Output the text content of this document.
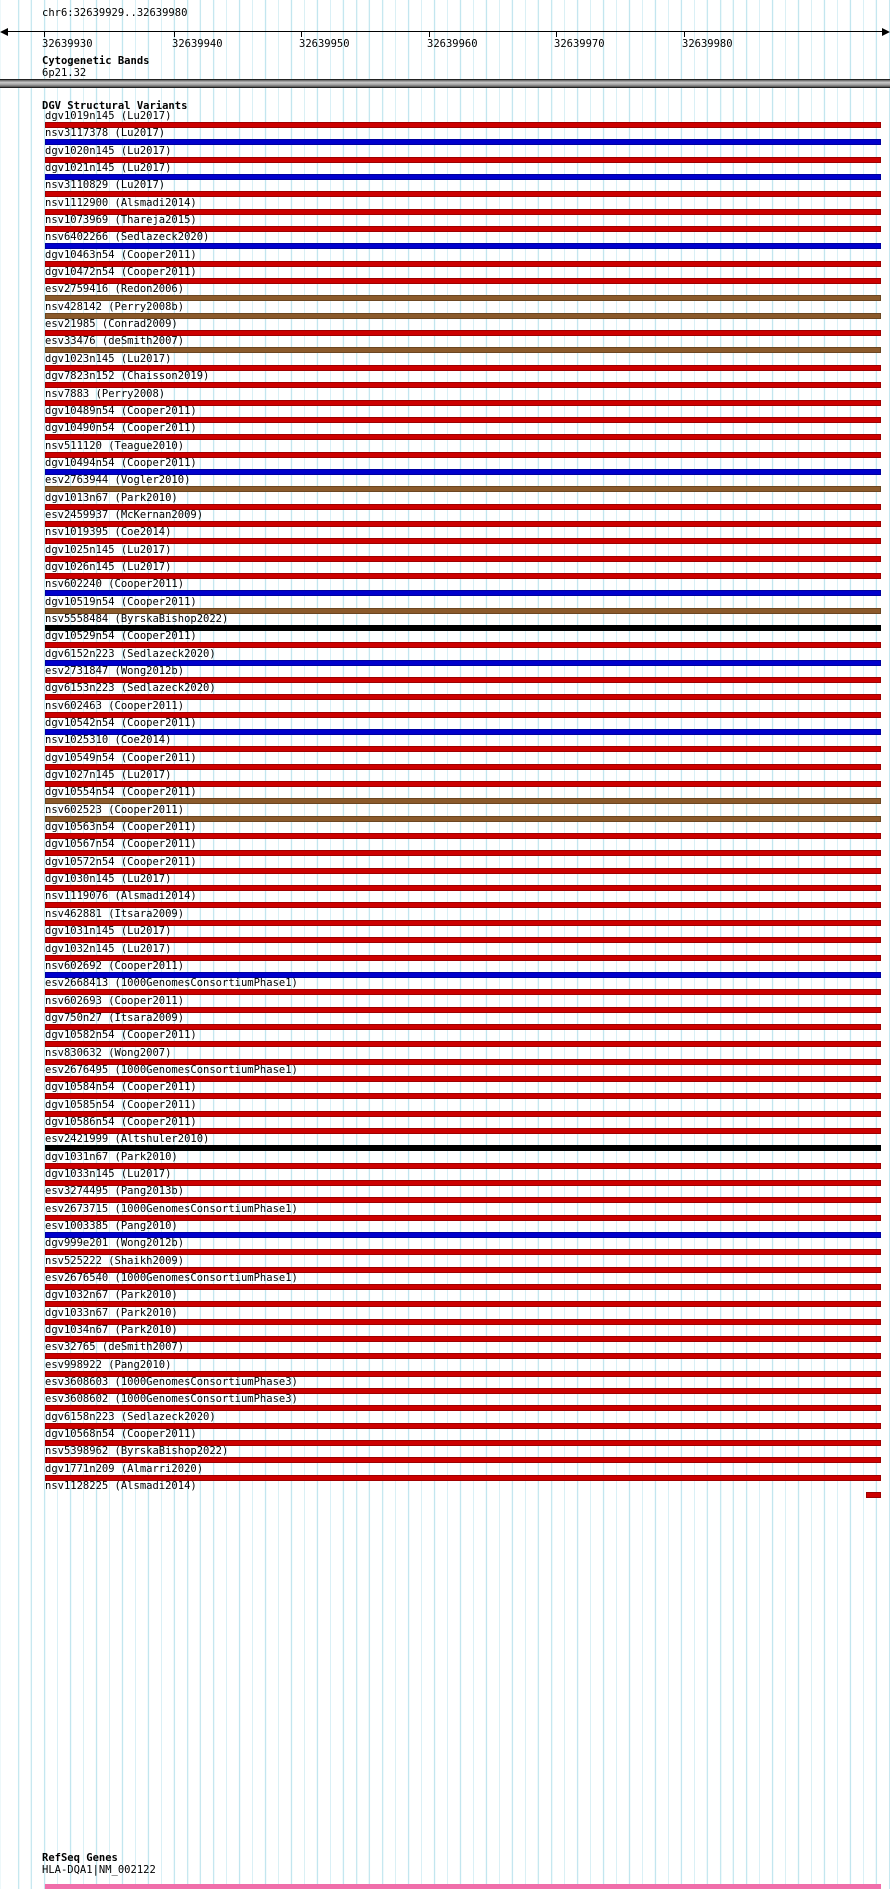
chr6:32639929..32639980
32639930	32639940	32639950	32639960	32639970	32639980
Cytogenetic Bands
6p21.32
DGV Structural Variants
dgv1019n145 (Lu2017)
nsv3117378 (Lu2017)
dgv1020n145 (Lu2017)
dgv1021n145 (Lu2017)
nsv3110829 (Lu2017)
nsv1112900 (Alsmadi2014)
nsv1073969 (Thareja2015)
nsv6402266 (Sedlazeck2020)
dgv10463n54 (Cooper2011)
dgv10472n54 (Cooper2011)
esv2759416 (Redon2006)
nsv428142 (Perry2008b)
esv21985 (Conrad2009)
esv33476 (deSmith2007)
dgv1023n145 (Lu2017)
dgv7823n152 (Chaisson2019)
nsv7883 (Perry2008)
dgv10489n54 (Cooper2011)
dgv10490n54 (Cooper2011)
nsv511120 (Teague2010)
dgv10494n54 (Cooper2011)
esv2763944 (Vogler2010)
dgv1013n67 (Park2010)
esv2459937 (McKernan2009)
nsv1019395 (Coe2014)
dgv1025n145 (Lu2017)
dgv1026n145 (Lu2017)
nsv602240 (Cooper2011)
dgv10519n54 (Cooper2011)
nsv5558484 (ByrskaBishop2022)
dgv10529n54 (Cooper2011)
dgv6152n223 (Sedlazeck2020)
esv2731847 (Wong2012b)
dgv6153n223 (Sedlazeck2020)
nsv602463 (Cooper2011)
dgv10542n54 (Cooper2011)
nsv1025310 (Coe2014)
dgv10549n54 (Cooper2011)
dgv1027n145 (Lu2017)
dgv10554n54 (Cooper2011)
nsv602523 (Cooper2011)
dgv10563n54 (Cooper2011)
dgv10567n54 (Cooper2011)
dgv10572n54 (Cooper2011)
dgv1030n145 (Lu2017)
nsv1119076 (Alsmadi2014)
nsv462881 (Itsara2009)
dgv1031n145 (Lu2017)
dgv1032n145 (Lu2017)
nsv602692 (Cooper2011)
esv2668413 (1000GenomesConsortiumPhase1)
nsv602693 (Cooper2011)
dgv750n27 (Itsara2009)
dgv10582n54 (Cooper2011)
nsv830632 (Wong2007)
esv2676495 (1000GenomesConsortiumPhase1)
dgv10584n54 (Cooper2011)
dgv10585n54 (Cooper2011)
dgv10586n54 (Cooper2011)
esv2421999 (Altshuler2010)
dgv1031n67 (Park2010)
dgv1033n145 (Lu2017)
esv3274495 (Pang2013b)
esv2673715 (1000GenomesConsortiumPhase1)
esv1003385 (Pang2010)
dgv999e201 (Wong2012b)
nsv525222 (Shaikh2009)
esv2676540 (1000GenomesConsortiumPhase1)
dgv1032n67 (Park2010)
dgv1033n67 (Park2010)
dgv1034n67 (Park2010)
esv32765 (deSmith2007)
esv998922 (Pang2010)
esv3608603 (1000GenomesConsortiumPhase3)
esv3608602 (1000GenomesConsortiumPhase3)
dgv6158n223 (Sedlazeck2020)
dgv10568n54 (Cooper2011)
nsv5398962 (ByrskaBishop2022)
dgv1771n209 (Almarri2020)
nsv1128225 (Alsmadi2014)
RefSeq Genes
HLA-DQA1|NM_002122
